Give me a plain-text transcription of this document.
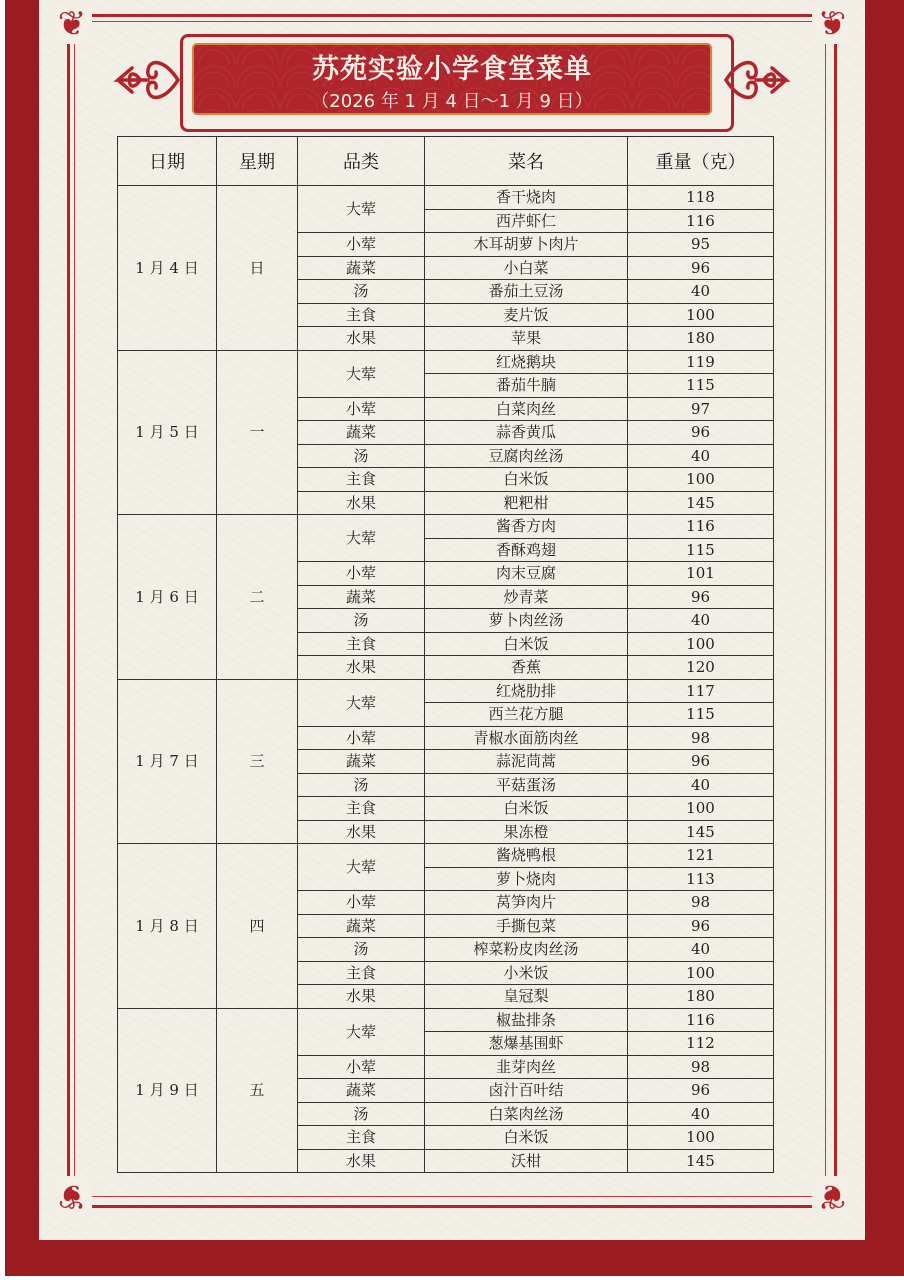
❦	❦
❦	❦
苏苑实验小学食堂菜单
（2026 年 1 月 4 日～1 月 9 日）
日期	星期	品类	菜名	重量（克）
1 月 4 日	日	大荤	香干烧肉	118
			西芹虾仁	116
		小荤	木耳胡萝卜肉片	95
		蔬菜	小白菜	96
		汤	番茄土豆汤	40
		主食	麦片饭	100
		水果	苹果	180
1 月 5 日	一	大荤	红烧鹅块	119
			番茄牛腩	115
		小荤	白菜肉丝	97
		蔬菜	蒜香黄瓜	96
		汤	豆腐肉丝汤	40
		主食	白米饭	100
		水果	粑粑柑	145
1 月 6 日	二	大荤	酱香方肉	116
			香酥鸡翅	115
		小荤	肉末豆腐	101
		蔬菜	炒青菜	96
		汤	萝卜肉丝汤	40
		主食	白米饭	100
		水果	香蕉	120
1 月 7 日	三	大荤	红烧肋排	117
			西兰花方腿	115
		小荤	青椒水面筋肉丝	98
		蔬菜	蒜泥茼蒿	96
		汤	平菇蛋汤	40
		主食	白米饭	100
		水果	果冻橙	145
1 月 8 日	四	大荤	酱烧鸭根	121
			萝卜烧肉	113
		小荤	莴笋肉片	98
		蔬菜	手撕包菜	96
		汤	榨菜粉皮肉丝汤	40
		主食	小米饭	100
		水果	皇冠梨	180
1 月 9 日	五	大荤	椒盐排条	116
			葱爆基围虾	112
		小荤	韭芽肉丝	98
		蔬菜	卤汁百叶结	96
		汤	白菜肉丝汤	40
		主食	白米饭	100
		水果	沃柑	145
